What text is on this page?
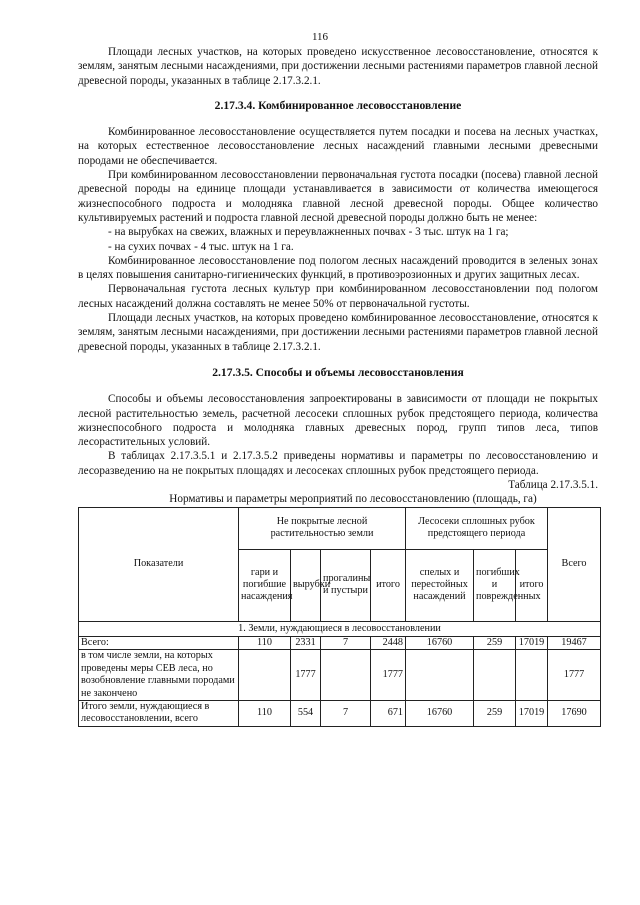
116

Площади лесных участков, на которых проведено искусственное лесовосстановление, относятся к землям, занятым лесными насаждениями, при достижении лесными растениями параметров главной лесной древесной породы, указанных в таблице 2.17.3.2.1.

2.17.3.4. Комбинированное лесовосстановление

Комбинированное лесовосстановление осуществляется путем посадки и посева на лесных участках, на которых естественное лесовосстановление лесных насаждений главными лесными древесными породами не обеспечивается.

При комбинированном лесовосстановлении первоначальная густота посадки (посева) главной лесной древесной породы на единице площади устанавливается в зависимости от количества имеющегося жизнеспособного подроста и молодняка главной лесной древесной породы. Общее количество культивируемых растений и подроста главной лесной древесной породы должно быть не менее:

- на вырубках на свежих, влажных и переувлажненных почвах - 3 тыс. штук на 1 га;

- на сухих почвах - 4 тыс. штук на 1 га.

Комбинированное лесовосстановление под пологом лесных насаждений проводится в зеленых зонах в целях повышения санитарно-гигиенических функций, в противоэрозионных и других защитных лесах.

Первоначальная густота лесных культур при комбинированном лесовосстановлении под пологом лесных насаждений должна составлять не менее 50% от первоначальной густоты.

Площади лесных участков, на которых проведено комбинированное лесовосстановление, относятся к землям, занятым лесными насаждениями, при достижении лесными растениями параметров главной лесной древесной породы, указанных в таблице 2.17.3.2.1.

2.17.3.5. Способы и объемы лесовосстановления

Способы и объемы лесовосстановления запроектированы в зависимости от площади не покрытых лесной растительностью земель, расчетной лесосеки сплошных рубок предстоящего периода, количества жизнеспособного подроста и молодняка главных древесных пород, групп типов леса, типов лесорастительных условий.

В таблицах 2.17.3.5.1 и 2.17.3.5.2 приведены нормативы и параметры по лесовосстановлению и лесоразведению на не покрытых площадях и лесосеках сплошных рубок предстоящего периода.

Таблица 2.17.3.5.1.

Нормативы и параметры мероприятий по лесовосстановлению (площадь, га)

Показатели	Не покрытые лесной растительностью земли				Лесосеки сплошных рубок предстоящего периода			Всего
	гари и погибшие насаждения	вырубки	прогалины и пустыри	итого	спелых и перестойных насаждений	погибших и поврежденных	итого	
1. Земли, нуждающиеся в лесовосстановлении								
Всего:	110	2331	7	2448	16760	259	17019	19467
в том числе земли, на которых проведены меры СЕВ леса, но возобновление главными породами не закончено		1777		1777				1777
Итого земли, нуждающиеся в лесовосстановлении, всего	110	554	7	671	16760	259	17019	17690
